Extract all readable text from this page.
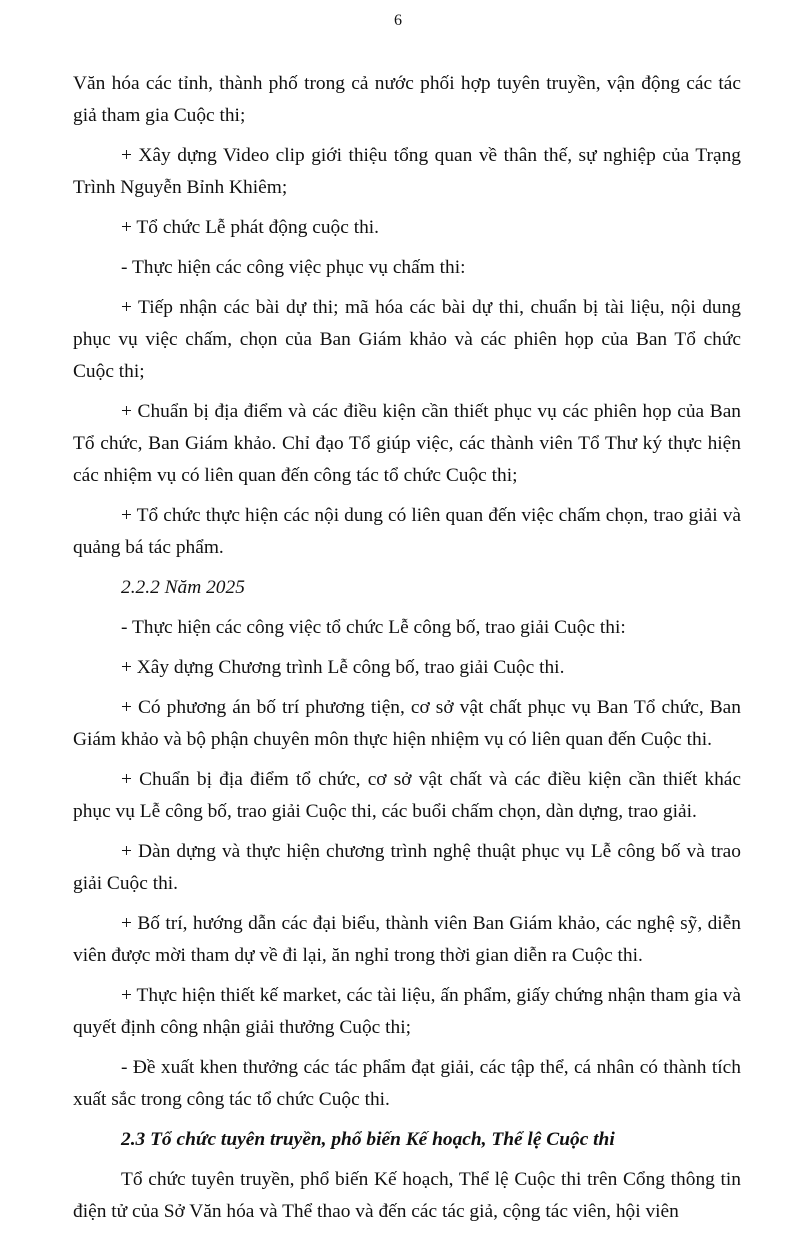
6

Văn hóa các tỉnh, thành phố trong cả nước phối hợp tuyên truyền, vận động các tác giả tham gia Cuộc thi;

+ Xây dựng Video clip giới thiệu tổng quan về thân thế, sự nghiệp của Trạng Trình Nguyễn Bỉnh Khiêm;

+ Tổ chức Lễ phát động cuộc thi.

- Thực hiện các công việc phục vụ chấm thi:

+ Tiếp nhận các bài dự thi; mã hóa các bài dự thi, chuẩn bị tài liệu, nội dung phục vụ việc chấm, chọn của Ban Giám khảo và các phiên họp của Ban Tổ chức Cuộc thi;

+ Chuẩn bị địa điểm và các điều kiện cần thiết phục vụ các phiên họp của Ban Tổ chức, Ban Giám khảo. Chỉ đạo Tổ giúp việc, các thành viên Tổ Thư ký thực hiện các nhiệm vụ có liên quan đến công tác tổ chức Cuộc thi;

+ Tổ chức thực hiện các nội dung có liên quan đến việc chấm chọn, trao giải và quảng bá tác phẩm.

2.2.2 Năm 2025

- Thực hiện các công việc tổ chức Lễ công bố, trao giải Cuộc thi:

+ Xây dựng Chương trình Lễ công bố, trao giải Cuộc thi.

+ Có phương án bố trí phương tiện, cơ sở vật chất phục vụ Ban Tổ chức, Ban Giám khảo và bộ phận chuyên môn thực hiện nhiệm vụ có liên quan đến Cuộc thi.

+ Chuẩn bị địa điểm tổ chức, cơ sở vật chất và các điều kiện cần thiết khác phục vụ Lễ công bố, trao giải Cuộc thi, các buổi chấm chọn, dàn dựng, trao giải.

+ Dàn dựng và thực hiện chương trình nghệ thuật phục vụ Lễ công bố và trao giải Cuộc thi.

+ Bố trí, hướng dẫn các đại biểu, thành viên Ban Giám khảo, các nghệ sỹ, diễn viên được mời tham dự về đi lại, ăn nghỉ trong thời gian diễn ra Cuộc thi.

+ Thực hiện thiết kế market, các tài liệu, ấn phẩm, giấy chứng nhận tham gia và quyết định công nhận giải thưởng Cuộc thi;

- Đề xuất khen thưởng các tác phẩm đạt giải, các tập thể, cá nhân có thành tích xuất sắc trong công tác tổ chức Cuộc thi.

2.3 Tổ chức tuyên truyền, phổ biến Kế hoạch, Thể lệ Cuộc thi

Tổ chức tuyên truyền, phổ biến Kế hoạch, Thể lệ Cuộc thi trên Cổng thông tin điện tử của Sở Văn hóa và Thể thao và đến các tác giả, cộng tác viên, hội viên
